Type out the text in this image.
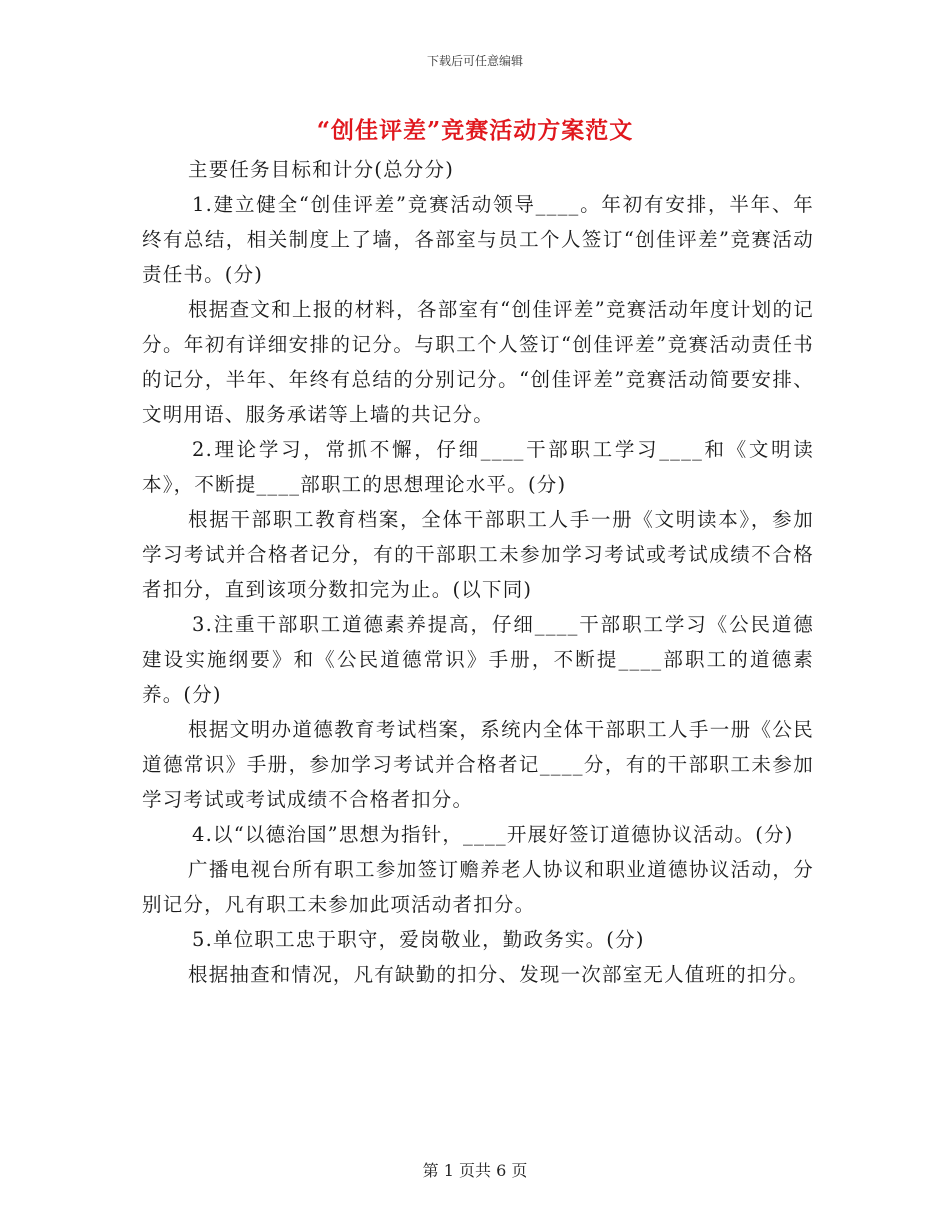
下载后可任意编辑
“创佳评差”竞赛活动方案范文

主要任务目标和计分(总分分)

1.建立健全“创佳评差”竞赛活动领导____。年初有安排，半年、年终有总结，相关制度上了墙，各部室与员工个人签订“创佳评差”竞赛活动责任书。(分)

根据查文和上报的材料，各部室有“创佳评差”竞赛活动年度计划的记分。年初有详细安排的记分。与职工个人签订“创佳评差”竞赛活动责任书的记分，半年、年终有总结的分别记分。“创佳评差”竞赛活动简要安排、文明用语、服务承诺等上墙的共记分。

2.理论学习，常抓不懈，仔细____干部职工学习____和《文明读本》，不断提____部职工的思想理论水平。(分)

根据干部职工教育档案，全体干部职工人手一册《文明读本》，参加学习考试并合格者记分，有的干部职工未参加学习考试或考试成绩不合格者扣分，直到该项分数扣完为止。(以下同)

3.注重干部职工道德素养提高，仔细____干部职工学习《公民道德建设实施纲要》和《公民道德常识》手册，不断提____部职工的道德素养。(分)

根据文明办道德教育考试档案，系统内全体干部职工人手一册《公民道德常识》手册，参加学习考试并合格者记____分，有的干部职工未参加学习考试或考试成绩不合格者扣分。

4.以“以德治国”思想为指针，____开展好签订道德协议活动。(分)

广播电视台所有职工参加签订赡养老人协议和职业道德协议活动，分别记分，凡有职工未参加此项活动者扣分。

5.单位职工忠于职守，爱岗敬业，勤政务实。(分)

根据抽查和情况，凡有缺勤的扣分、发现一次部室无人值班的扣分。

第 1 页共 6 页
